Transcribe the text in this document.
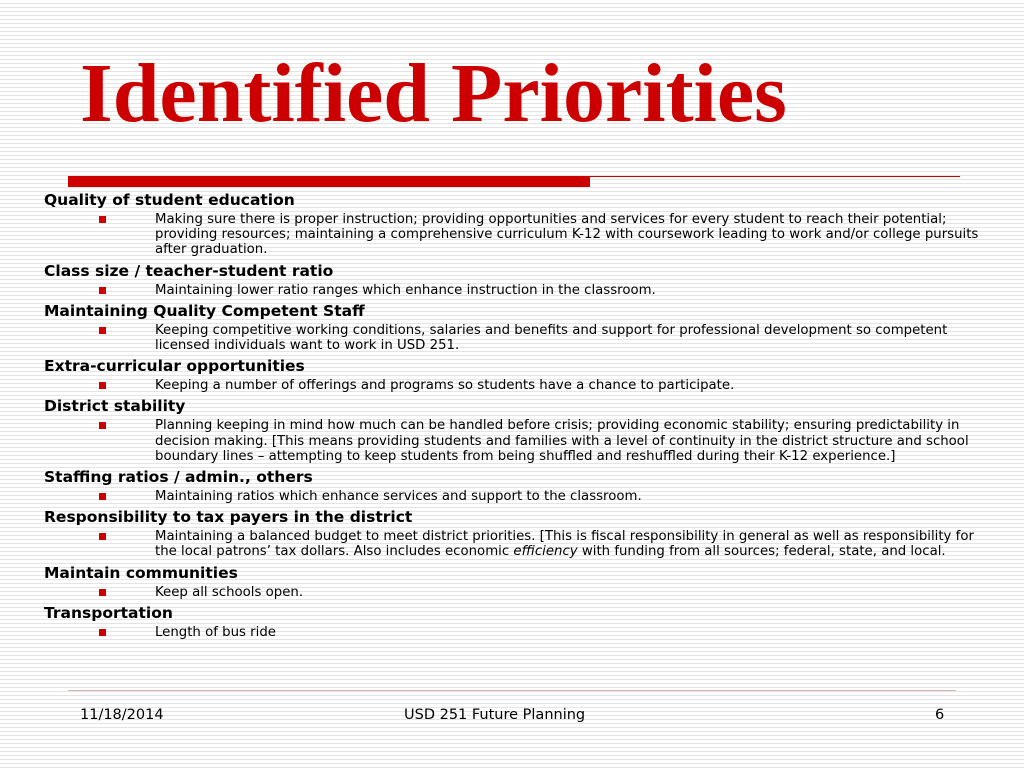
Identified Priorities
Quality of student education

Making sure there is proper instruction; providing opportunities and services for every student to reach their potential; providing resources; maintaining a comprehensive curriculum K-12 with coursework leading to work and/or college pursuits after graduation.

Class size / teacher-student ratio

Maintaining lower ratio ranges which enhance instruction in the classroom.

Maintaining Quality Competent Staff

Keeping competitive working conditions, salaries and benefits and support for professional development so competent licensed individuals want to work in USD 251.

Extra-curricular opportunities

Keeping a number of offerings and programs so students have a chance to participate.

District stability

Planning keeping in mind how much can be handled before crisis; providing economic stability; ensuring predictability in decision making. [This means providing students and families with a level of continuity in the district structure and school boundary lines – attempting to keep students from being shuffled and reshuffled during their K-12 experience.]

Staffing ratios / admin., others

Maintaining ratios which enhance services and support to the classroom.

Responsibility to tax payers in the district

Maintaining a balanced budget to meet district priorities. [This is fiscal responsibility in general as well as responsibility for the local patrons’ tax dollars. Also includes economic efficiency with funding from all sources; federal, state, and local.

Maintain communities

Keep all schools open.

Transportation

Length of bus ride

11/18/2014	USD 251 Future Planning	6
